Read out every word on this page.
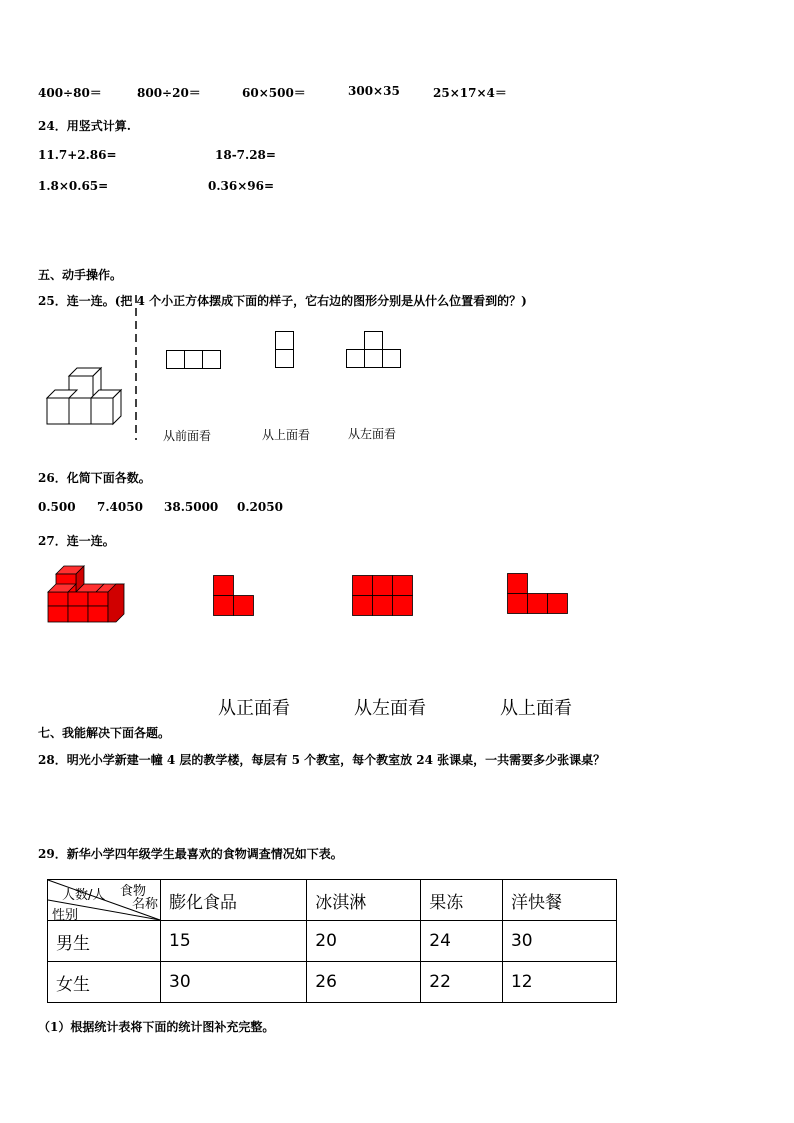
400÷80＝	800÷20＝	60×500＝	300×35	25×17×4＝
24．用竖式计算.
11.7+2.86=	18-7.28=
1.8×0.65=	0.36×96=
五、动手操作。
25．连一连。(把 4 个小正方体摆成下面的样子，它右边的图形分别是从什么位置看到的？)
从前面看	从上面看	从左面看
26．化简下面各数。
0.500 7.4050 38.5000 0.2050
27．连一连。
从正面看	从左面看	从上面看
七、我能解决下面各题。
28．明光小学新建一幢 4 层的教学楼，每层有 5 个教室，每个教室放 24 张课桌，一共需要多少张课桌？
29．新华小学四年级学生最喜欢的食物调查情况如下表。
食物
名称
人数/人
性别	膨化食品	冰淇淋	果冻	洋快餐
男生	15	20	24	30
女生	30	26	22	12
（1）根据统计表将下面的统计图补充完整。
